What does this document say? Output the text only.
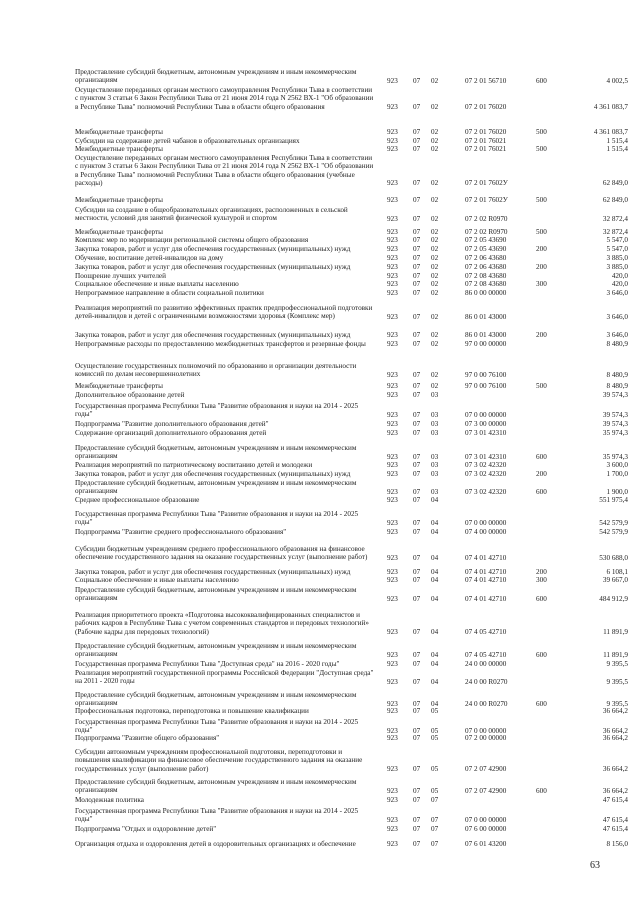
Предоставление субсидий бюджетным, автономным учреждениям и иным некоммерческим организациям	923 07 02	07 2 01 56710	600	4 002,5
Осуществление переданных органам местного самоуправления Республики Тыва в соответствии с пунктом 3 статьи 6 Закон Республики Тыва от 21 июня 2014 года N 2562 ВХ-1 "Об образовании в Республике Тыва" полномочий Республики Тыва в области общего образования	923 07 02	07 2 01 76020	4 361 083,7
Межбюджетные трансферты	923 07 02	07 2 01 76020	500	4 361 083,7
Субсидии на содержание детей чабанов в образовательных организациях	923 07 02	07 2 01 76021	1 515,4
Межбюджетные трансферты	923 07 02	07 2 01 76021	500	1 515,4
Осуществление переданных органам местного самоуправления Республики Тыва в соответствии с пунктом 3 статьи 6 Закон Республики Тыва от 21 июня 2014 года N 2562 ВХ-1 "Об образовании в Республике Тыва" полномочий Республики Тыва в области общего образования (учебные расходы)	923 07 02	07 2 01 7602У	62 849,0
Межбюджетные трансферты	923 07 02	07 2 01 7602У	500	62 849,0
Субсидии на создание в общеобразовательных организациях, расположенных в сельской местности, условий для занятий физической культурой и спортом	923 07 02	07 2 02 R0970	32 872,4
Межбюджетные трансферты	923 07 02	07 2 02 R0970	500	32 872,4
Комплекс мер по модернизации региональной системы общего образования	923 07 02	07 2 05 43690	5 547,0
Закупка товаров, работ и услуг для обеспечения государственных (муниципальных) нужд	923 07 02	07 2 05 43690	200	5 547,0
Обучение, воспитание детей-инвалидов на дому	923 07 02	07 2 06 43680	3 885,0
Закупка товаров, работ и услуг для обеспечения государственных (муниципальных) нужд	923 07 02	07 2 06 43680	200	3 885,0
Поощрение лучших учителей	923 07 02	07 2 08 43680	420,0
Социальное обеспечение и иные выплаты населению	923 07 02	07 2 08 43680	300	420,0
Непрограммное направление в области социальной политики	923 07 02	86 0 00 00000	3 646,0
Реализация мероприятий по развитию эффективных практик предпрофессиональной подготовки детей-инвалидов и детей с ограниченными возможностями здоровья (Комплекс мер)	923 07 02	86 0 01 43000	3 646,0
Закупка товаров, работ и услуг для обеспечения государственных (муниципальных) нужд	923 07 02	86 0 01 43000	200	3 646,0
Непрограммные расходы по предоставлению межбюджетных трансфертов и резервные фонды	923 07 02	97 0 00 00000	8 480,9
Осуществление государственных полномочий по образованию и организации деятельности комиссий по делам несовершеннолетних	923 07 02	97 0 00 76100	8 480,9
Межбюджетные трансферты	923 07 02	97 0 00 76100	500	8 480,9
Дополнительное образование детей	923 07 03	39 574,3
Государственная программа Республики Тыва "Развитие образования и науки на 2014 - 2025 годы"	923 07 03	07 0 00 00000	39 574,3
Подпрограмма "Развитие дополнительного образования детей"	923 07 03	07 3 00 00000	39 574,3
Содержание организаций дополнительного образования детей	923 07 03	07 3 01 42310	35 974,3
Предоставление субсидий бюджетным, автономным учреждениям и иным некоммерческим организациям	923 07 03	07 3 01 42310	600	35 974,3
Реализация мероприятий по патриотическому воспитанию детей и молодежи	923 07 03	07 3 02 42320	3 600,0
Закупка товаров, работ и услуг для обеспечения государственных (муниципальных) нужд	923 07 03	07 3 02 42320	200	1 700,0
Предоставление субсидий бюджетным, автономным учреждениям и иным некоммерческим организациям	923 07 03	07 3 02 42320	600	1 900,0
Среднее профессиональное образование	923 07 04	551 975,4
Государственная программа Республики Тыва "Развитие образования и науки на 2014 - 2025 годы"	923 07 04	07 0 00 00000	542 579,9
Подпрограмма "Развитие среднего профессионального образования"	923 07 04	07 4 00 00000	542 579,9
Субсидии бюджетным учреждениям среднего профессионального образования на финансовое обеспечение государственного задания на оказание государственных услуг (выполнение работ)	923 07 04	07 4 01 42710	530 688,0
Закупка товаров, работ и услуг для обеспечения государственных (муниципальных) нужд	923 07 04	07 4 01 42710	200	6 108,1
Социальное обеспечение и иные выплаты населению	923 07 04	07 4 01 42710	300	39 667,0
Предоставление субсидий бюджетным, автономным учреждениям и иным некоммерческим организациям	923 07 04	07 4 01 42710	600	484 912,9
Реализация приоритетного проекта «Подготовка высококвалифицированных специалистов и рабочих кадров в Республике Тыва с учетом современных стандартов и передовых технологий» (Рабочие кадры для передовых технологий)	923 07 04	07 4 05 42710	11 891,9
Предоставление субсидий бюджетным, автономным учреждениям и иным некоммерческим организациям	923 07 04	07 4 05 42710	600	11 891,9
Государственная программа Республики Тыва "Доступная среда" на 2016 - 2020 годы"	923 07 04	24 0 00 00000	9 395,5
Реализация мероприятий государственной программы Российской Федерации "Доступная среда" на 2011 - 2020 годы	923 07 04	24 0 00 R0270	9 395,5
Предоставление субсидий бюджетным, автономным учреждениям и иным некоммерческим организациям	923 07 04	24 0 00 R0270	600	9 395,5
Профессиональная подготовка, переподготовка и повышение квалификации	923 07 05	36 664,2
Государственная программа Республики Тыва "Развитие образования и науки на 2014 - 2025 годы"	923 07 05	07 0 00 00000	36 664,2
Подпрограмма "Развитие общего образования"	923 07 05	07 2 00 00000	36 664,2
Субсидии автономным учреждениям профессиональной подготовки, переподготовки и повышения квалификации на финансовое обеспечение государственного задания на оказание государственных услуг (выполнение работ)	923 07 05	07 2 07 42900	36 664,2
Предоставление субсидий бюджетным, автономным учреждениям и иным некоммерческим организациям	923 07 05	07 2 07 42900	600	36 664,2
Молодежная политика	923 07 07	47 615,4
Государственная программа Республики Тыва "Развитие образования и науки на 2014 - 2025 годы"	923 07 07	07 0 00 00000	47 615,4
Подпрограмма "Отдых и оздоровление детей"	923 07 07	07 6 00 00000	47 615,4
Организация отдыха и оздоровления детей в оздоровительных организациях и обеспечение	923 07 07	07 6 01 43200	8 156,0
63
